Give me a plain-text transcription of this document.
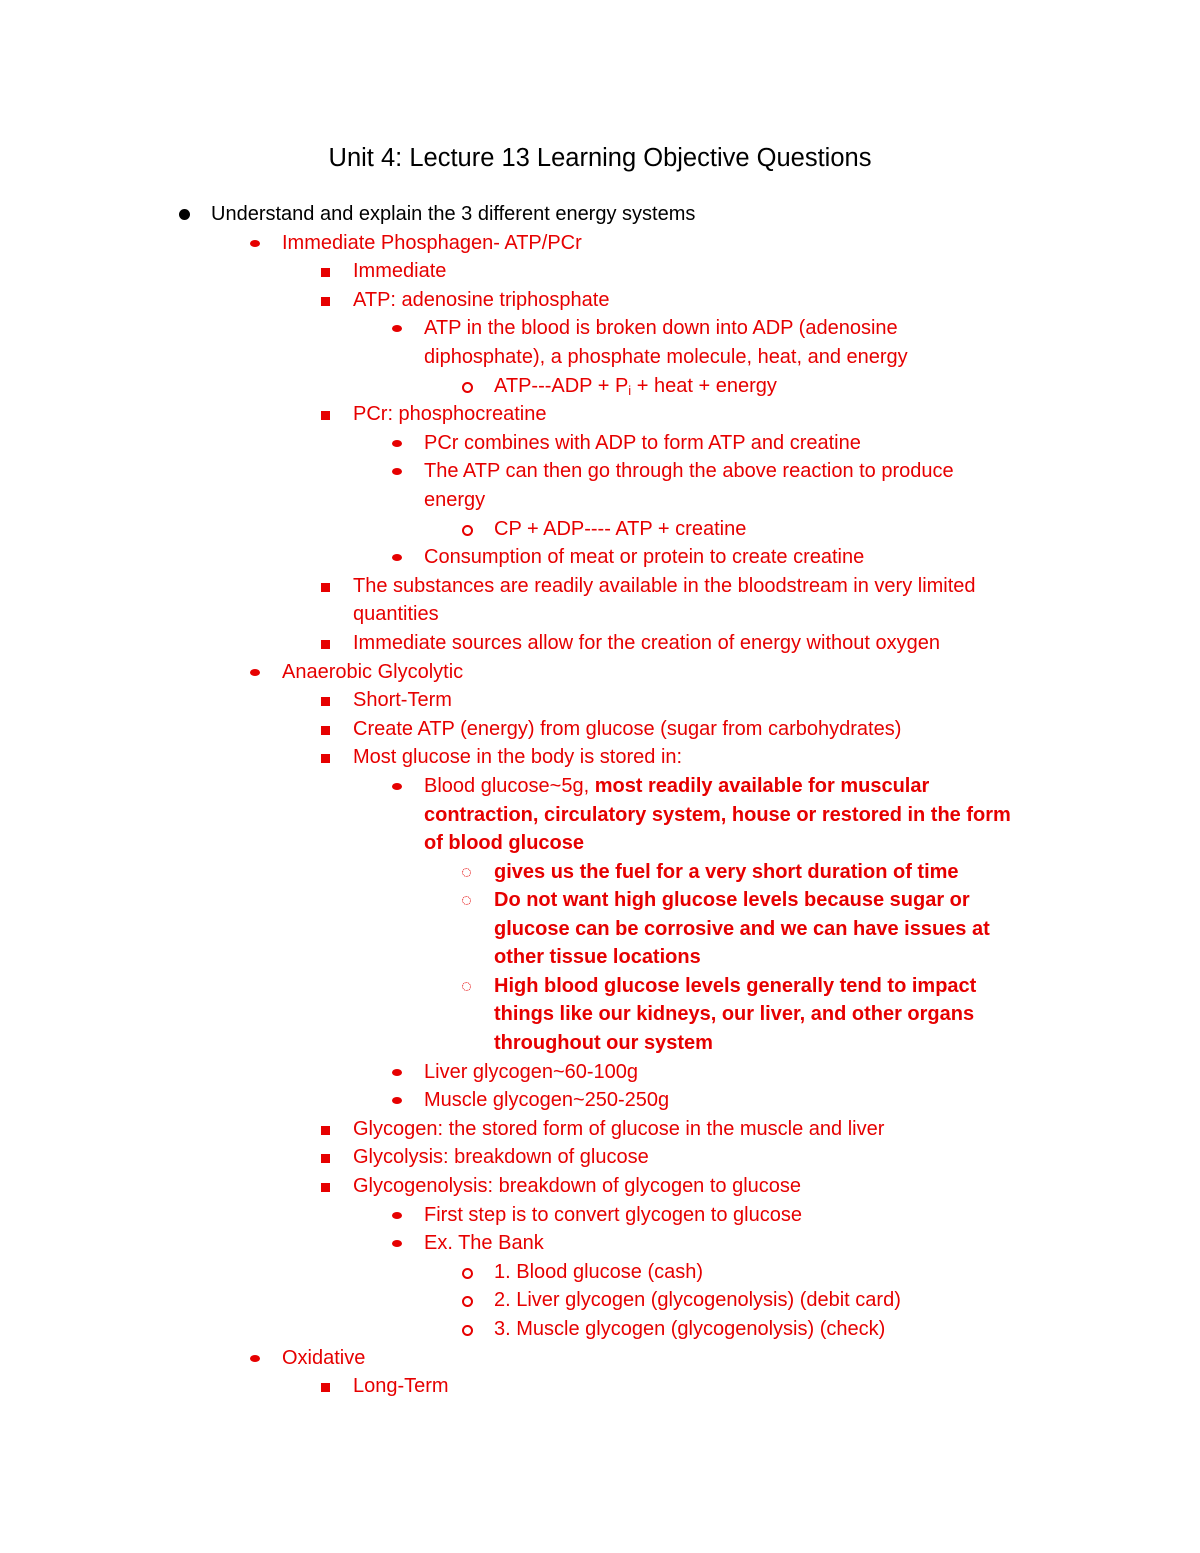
Unit 4: Lecture 13 Learning Objective Questions
Understand and explain the 3 different energy systems
Immediate Phosphagen- ATP/PCr
Immediate
ATP: adenosine triphosphate
ATP in the blood is broken down into ADP (adenosine
diphosphate), a phosphate molecule, heat, and energy
$ATP---ADP + P_i$ + heat + energy
PCr: phosphocreatine
PCr combines with ADP to form ATP and creatine
The ATP can then go through the above reaction to produce
energy
CP + ADP---- ATP + creatine
Consumption of meat or protein to create creatine
The substances are readily available in the bloodstream in very limited
quantities
Immediate sources allow for the creation of energy without oxygen
Anaerobic Glycolytic
Short-Term
Create ATP (energy) from glucose (sugar from carbohydrates)
Most glucose in the body is stored in:
Blood glucose~5g, most readily available for muscular
contraction, circulatory system, house or restored in the form
of blood glucose
gives us the fuel for a very short duration of time
Do not want high glucose levels because sugar or
glucose can be corrosive and we can have issues at
other tissue locations
High blood glucose levels generally tend to impact
things like our kidneys, our liver, and other organs
throughout our system
Liver glycogen~60-100g
Muscle glycogen~250-250g
Glycogen: the stored form of glucose in the muscle and liver
Glycolysis: breakdown of glucose
Glycogenolysis: breakdown of glycogen to glucose
First step is to convert glycogen to glucose
Ex. The Bank
1. Blood glucose (cash)
2. Liver glycogen (glycogenolysis) (debit card)
3. Muscle glycogen (glycogenolysis) (check)
Oxidative
Long-Term
